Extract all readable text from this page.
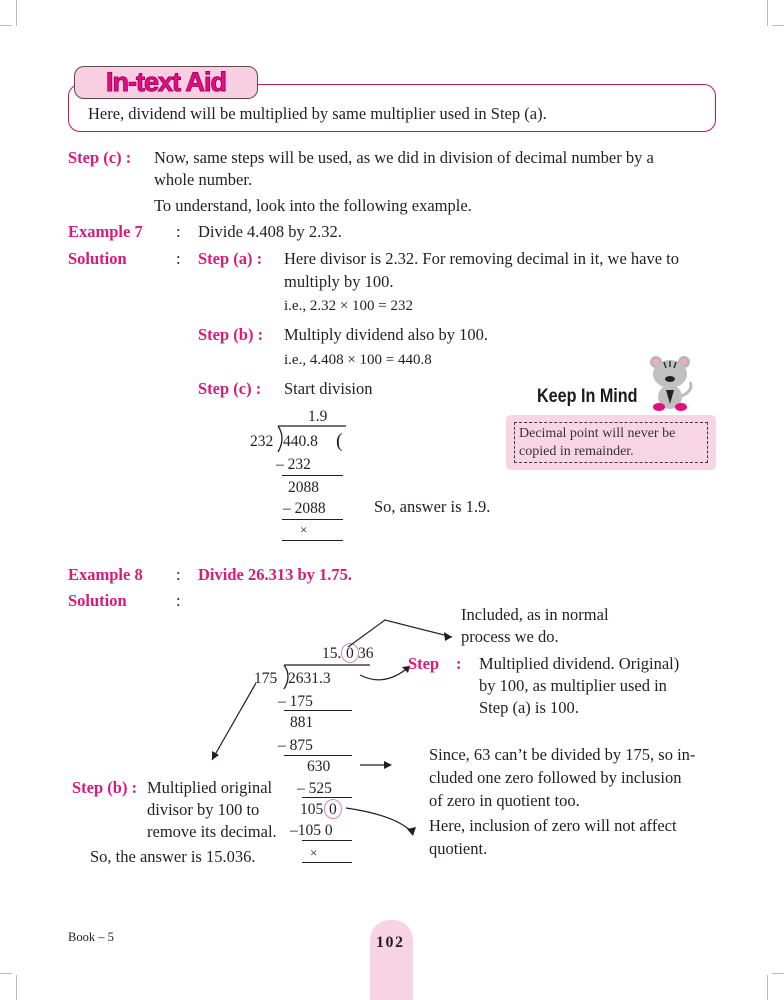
In-text Aid
Here, dividend will be multiplied by same multiplier used in Step (a).
Step (c) : Now, same steps will be used, as we did in division of decimal number by a
whole number.
To understand, look into the following example.
Example 7 : Divide 4.408 by 2.32.
Solution	: Step (a) : Here divisor is 2.32. For removing decimal in it, we have to
multiply by 100.
i.e., 2.32 × 100 = 232
Step (b) : Multiply dividend also by 100.
i.e., 4.408 × 100 = 440.8
Step (c) : Start division
1.9
232 440.8 (
– 232
2088
– 2088
×
So, answer is 1.9.
Keep In Mind
Decimal point will never be copied in remainder.
Example 8 : Divide 26.313 by 1.75.
Solution	:
15. 0 36
175 2631.3
– 175
881
– 875
630
– 525
105 0
–105 0
×
Included, as in normal
process we do.
Step : Multiplied dividend. Original)
by 100, as multiplier used in
Step (a) is 100.
Since, 63 can’t be divided by 175, so in-
cluded one zero followed by inclusion
of zero in quotient too.
Here, inclusion of zero will not affect
quotient.
Step (b) : Multiplied original
divisor by 100 to
remove its decimal.
So, the answer is 15.036.
Book – 5	102
